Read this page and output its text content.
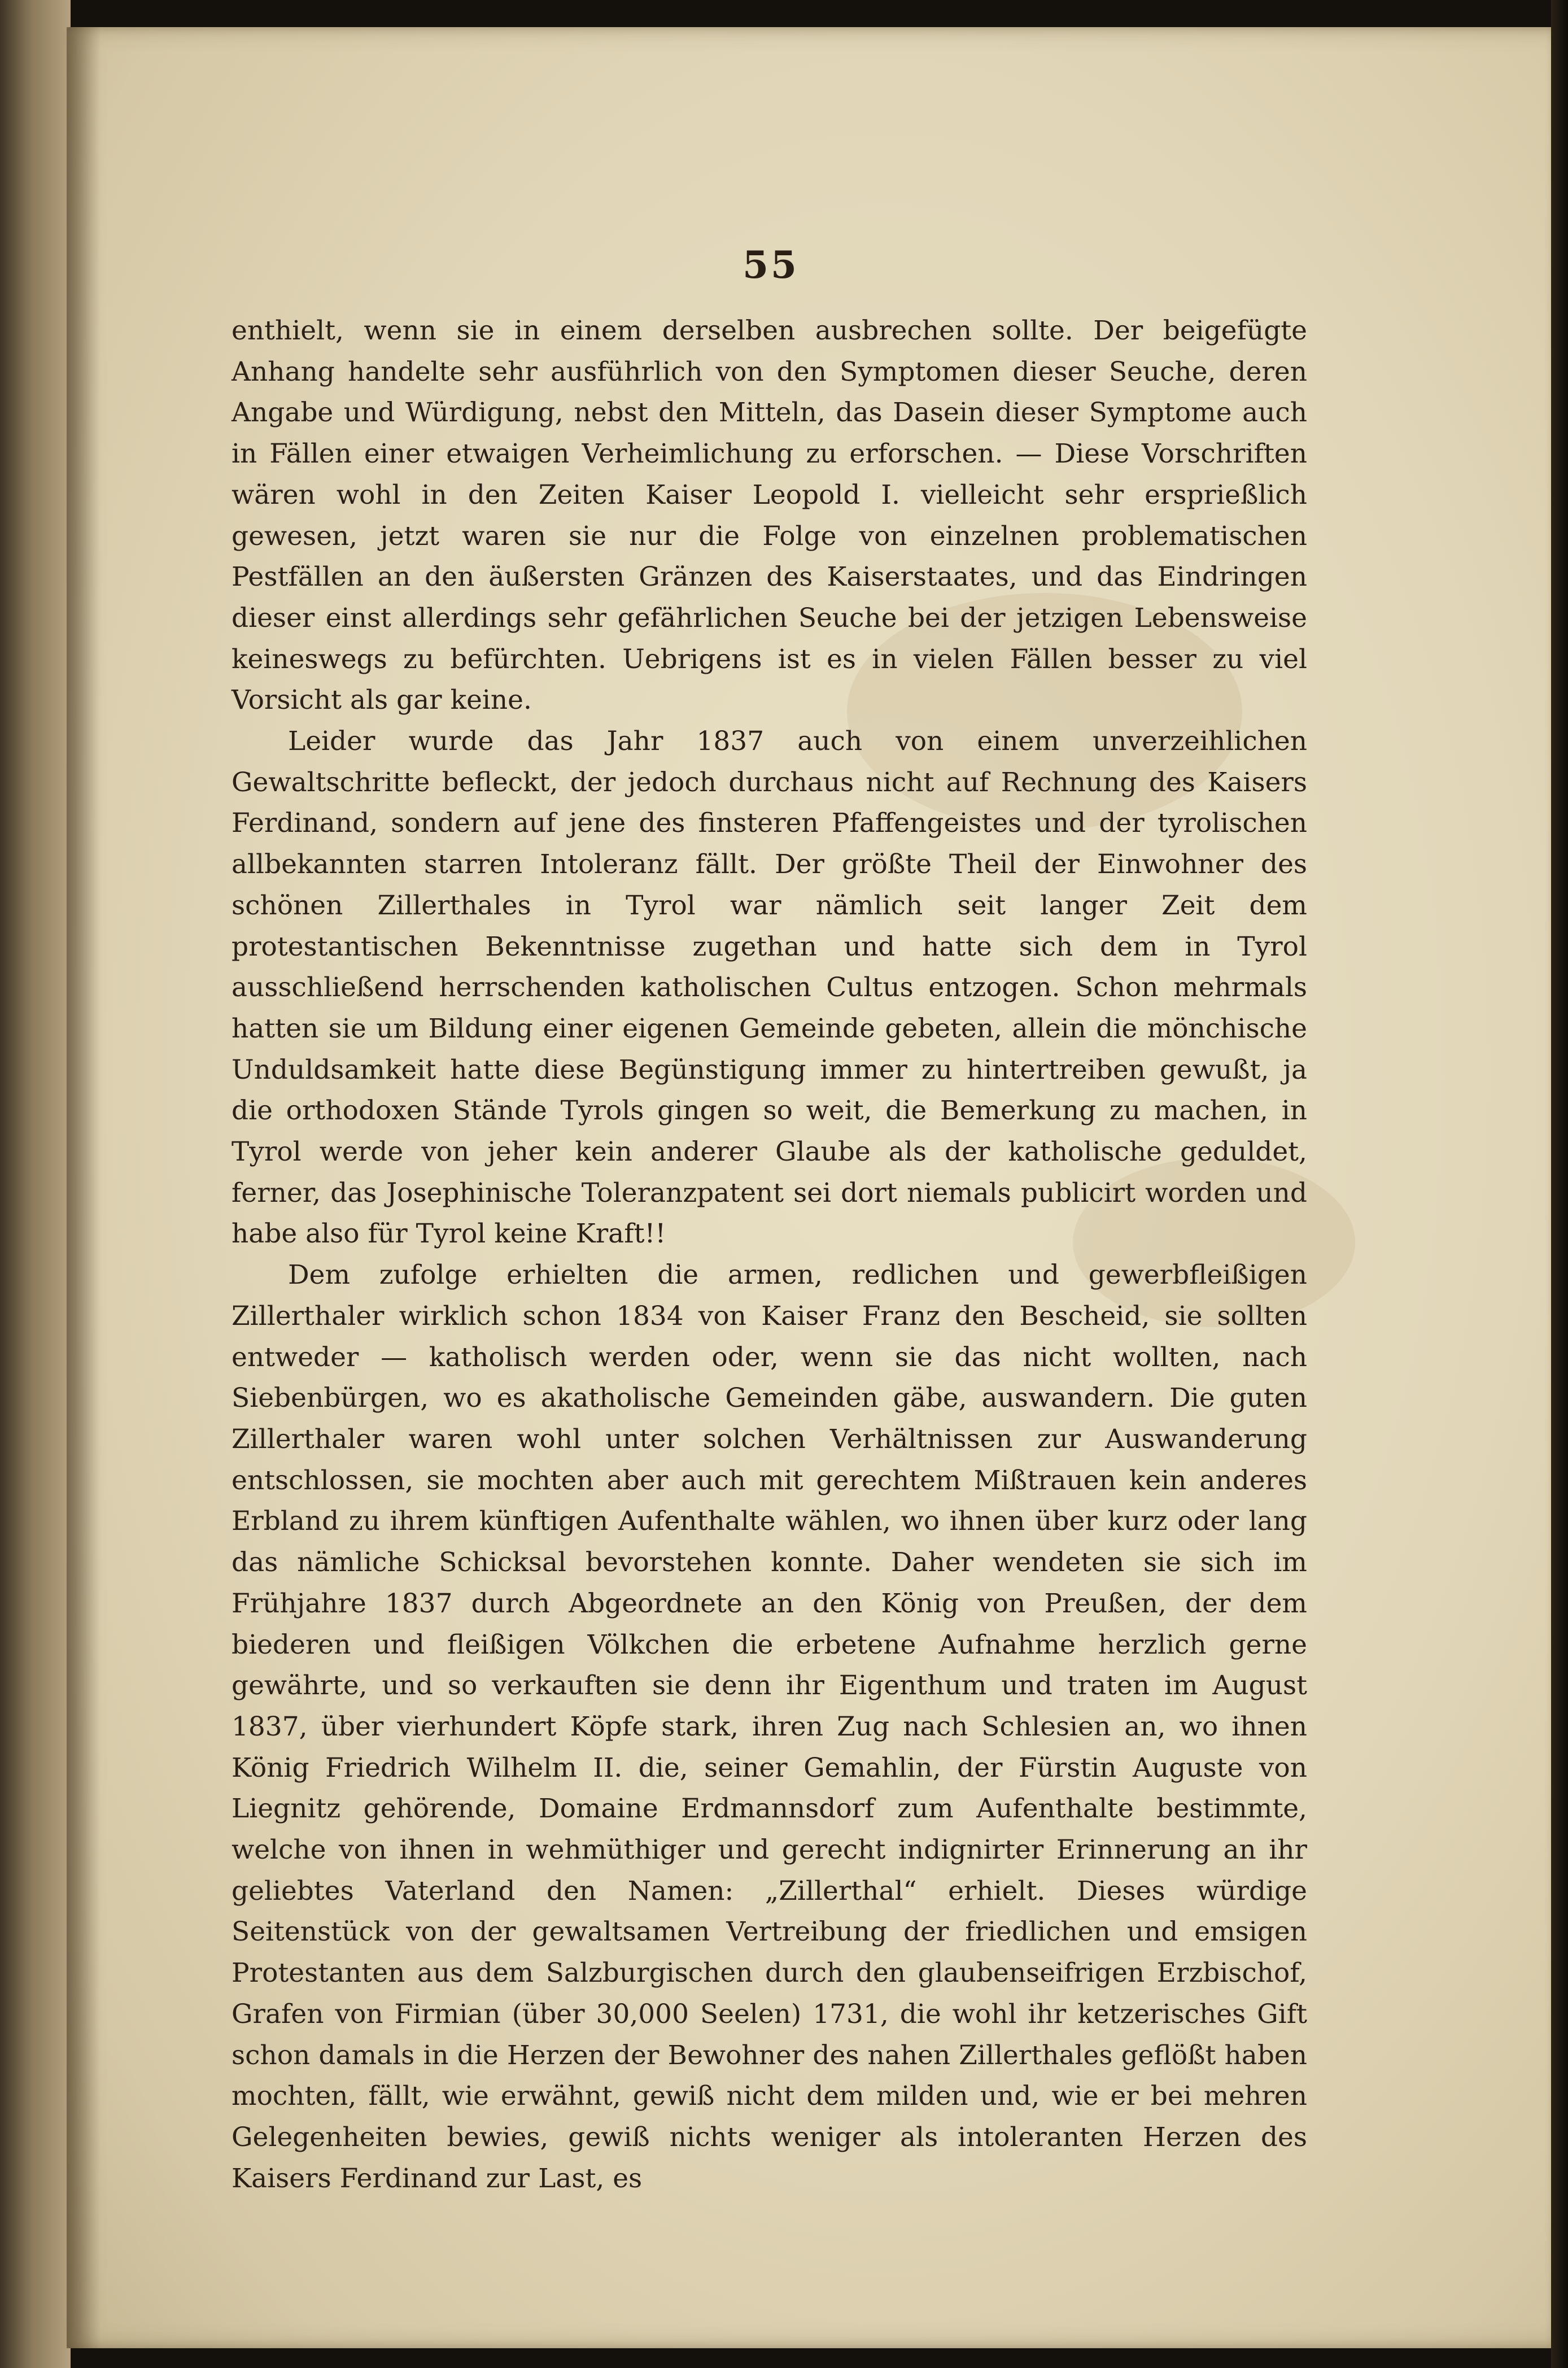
55

enthielt, wenn sie in einem derselben ausbrechen sollte. Der beigefügte Anhang handelte sehr ausführlich von den Symptomen dieser Seuche, deren Angabe und Würdigung, nebst den Mitteln, das Dasein dieser Symptome auch in Fällen einer etwaigen Verheimlichung zu erforschen. — Diese Vorschriften wären wohl in den Zeiten Kaiser Leopold I. vielleicht sehr ersprießlich gewesen, jetzt waren sie nur die Folge von einzelnen problematischen Pestfällen an den äußersten Gränzen des Kaiserstaates, und das Eindringen dieser einst allerdings sehr gefährlichen Seuche bei der jetzigen Lebensweise keineswegs zu befürchten. Uebrigens ist es in vielen Fällen besser zu viel Vorsicht als gar keine.

Leider wurde das Jahr 1837 auch von einem unverzeihlichen Gewaltschritte befleckt, der jedoch durchaus nicht auf Rechnung des Kaisers Ferdinand, sondern auf jene des finsteren Pfaffengeistes und der tyrolischen allbekannten starren Intoleranz fällt. Der größte Theil der Einwohner des schönen Zillerthales in Tyrol war nämlich seit langer Zeit dem protestantischen Bekenntnisse zugethan und hatte sich dem in Tyrol ausschließend herrschenden katholischen Cultus entzogen. Schon mehrmals hatten sie um Bildung einer eigenen Gemeinde gebeten, allein die mönchische Unduldsamkeit hatte diese Begünstigung immer zu hintertreiben gewußt, ja die orthodoxen Stände Tyrols gingen so weit, die Bemerkung zu machen, in Tyrol werde von jeher kein anderer Glaube als der katholische geduldet, ferner, das Josephinische Toleranzpatent sei dort niemals publicirt worden und habe also für Tyrol keine Kraft!!

Dem zufolge erhielten die armen, redlichen und gewerbfleißigen Zillerthaler wirklich schon 1834 von Kaiser Franz den Bescheid, sie sollten entweder — katholisch werden oder, wenn sie das nicht wollten, nach Siebenbürgen, wo es akatholische Gemeinden gäbe, auswandern. Die guten Zillerthaler waren wohl unter solchen Verhältnissen zur Auswanderung entschlossen, sie mochten aber auch mit gerechtem Mißtrauen kein anderes Erbland zu ihrem künftigen Aufenthalte wählen, wo ihnen über kurz oder lang das nämliche Schicksal bevorstehen konnte. Daher wendeten sie sich im Frühjahre 1837 durch Abgeordnete an den König von Preußen, der dem biederen und fleißigen Völkchen die erbetene Aufnahme herzlich gerne gewährte, und so verkauften sie denn ihr Eigenthum und traten im August 1837, über vierhundert Köpfe stark, ihren Zug nach Schlesien an, wo ihnen König Friedrich Wilhelm II. die, seiner Gemahlin, der Fürstin Auguste von Liegnitz gehörende, Domaine Erdmannsdorf zum Aufenthalte bestimmte, welche von ihnen in wehmüthiger und gerecht indignirter Erinnerung an ihr geliebtes Vaterland den Namen: „Zillerthal“ erhielt. Dieses würdige Seitenstück von der gewaltsamen Vertreibung der friedlichen und emsigen Protestanten aus dem Salzburgischen durch den glaubenseifrigen Erzbischof, Grafen von Firmian (über 30,000 Seelen) 1731, die wohl ihr ketzerisches Gift schon damals in die Herzen der Bewohner des nahen Zillerthales geflößt haben mochten, fällt, wie erwähnt, gewiß nicht dem milden und, wie er bei mehren Gelegenheiten bewies, gewiß nichts weniger als intoleranten Herzen des Kaisers Ferdinand zur Last, es
